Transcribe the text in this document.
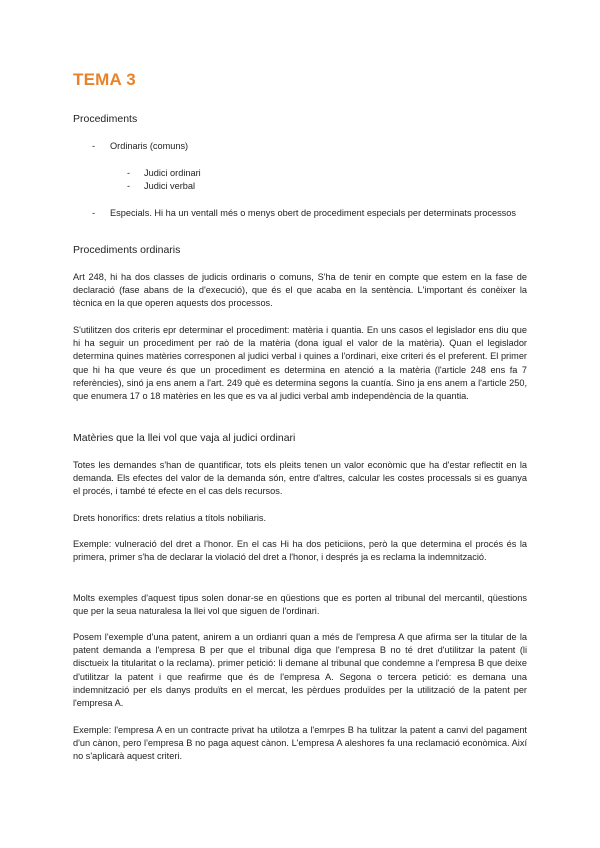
TEMA 3
Procediments
- Ordinaris (comuns)
- Judici ordinari
- Judici verbal
- Especials. Hi ha un ventall més o menys obert de procediment especials per determinats processos
Procediments ordinaris
Art 248, hi ha dos classes de judicis ordinaris o comuns, S'ha de tenir en compte que estem en la fase de declaració (fase abans de la d'execució), que és el que acaba en la sentència. L'important és conèixer la tècnica en la que operen aquests dos processos.
S'utilitzen dos criteris epr determinar el procediment: matèria i quantia. En uns casos el legislador ens diu que hi ha seguir un procediment per raò de la matèria (dona igual el valor de la matèria). Quan el legislador determina quines matèries corresponen al judici verbal i quines a l'ordinari, eixe criteri és el preferent. El primer que hi ha que veure és que un procediment es determina en atenció a la matèria (l'article 248 ens fa 7 referències), sinó ja ens anem a l'art. 249 què es determina segons la cuantía. Sino ja ens anem a l'article 250, que enumera 17 o 18 matèries en les que es va al judici verbal amb independència de la quantia.
Matèries que la llei vol que vaja al judici ordinari
Totes les demandes s'han de quantificar, tots els pleits tenen un valor econòmic que ha d'estar reflectit en la demanda. Els efectes del valor de la demanda són, entre d'altres, calcular les costes processals si es guanya el procés, i també té efecte en el cas dels recursos.
Drets honorífics: drets relatius a títols nobiliaris.
Exemple: vulneració del dret a l'honor. En el cas Hi ha dos peticiions, però la que determina el procés és la primera, primer s'ha de declarar la violació del dret a l'honor, i després ja es reclama la indemnització.
Molts exemples d'aquest tipus solen donar-se en qüestions que es porten al tribunal del mercantil, qüestions que per la seua naturalesa la llei vol que siguen de l'ordinari.
Posem l'exemple d'una patent, anirem a un ordianri quan a més de l'empresa A que afirma ser la titular de la patent demanda a l'empresa B per que el tribunal diga que l'empresa B no té dret d'utilitzar la patent (li disctueix la titularitat o la reclama). primer petició: li demane al tribunal que condemne a l'empresa B que deixe d'utilitzar la patent i que reafirme que és de l'empresa A. Segona o tercera petició: es demana una indemnització per els danys produïts en el mercat, les pèrdues produïdes per la utilització de la patent per l'empresa A.
Exemple: l'empresa A en un contracte privat ha utilotza a l'emrpes B ha tulitzar la patent a canvi del pagament d'un cànon, pero l'empresa B no paga aquest cànon. L'empresa A aleshores fa una reclamació econòmica. Així no s'aplicarà aquest criteri.
